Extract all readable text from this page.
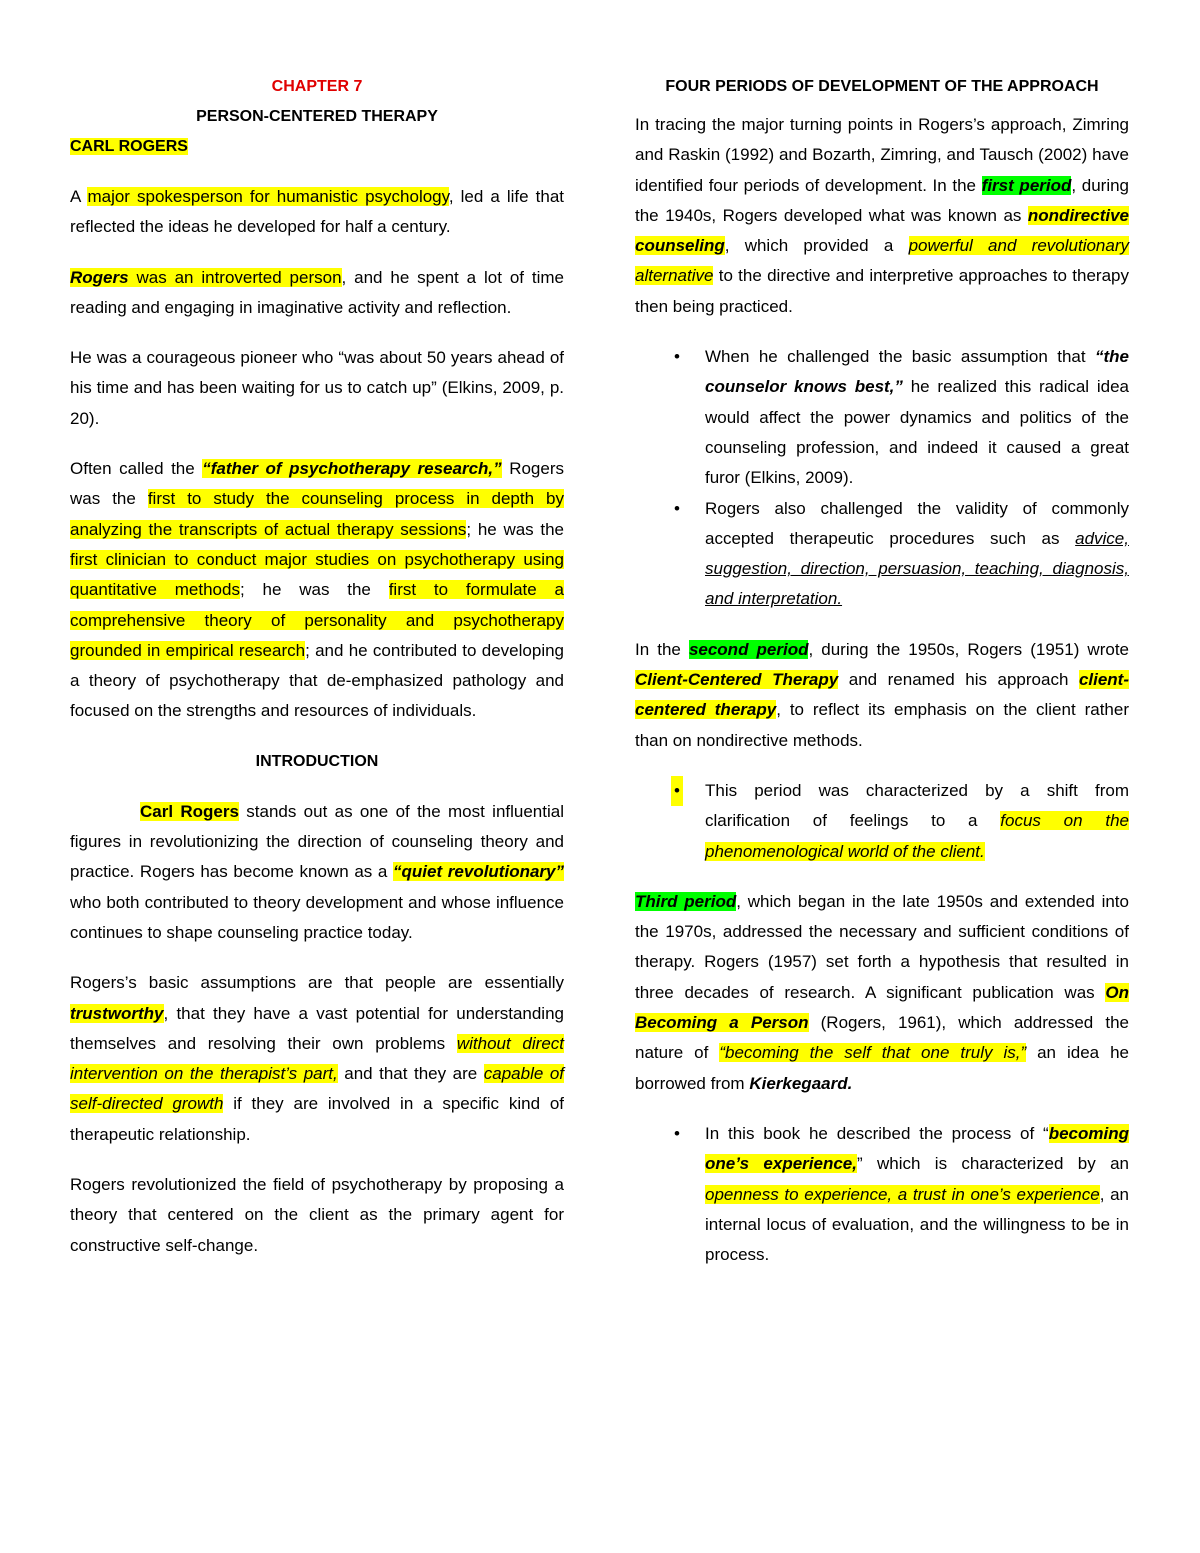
CHAPTER 7

PERSON-CENTERED THERAPY

CARL ROGERS

A major spokesperson for humanistic psychology, led a life that reflected the ideas he developed for half a century.

Rogers was an introverted person, and he spent a lot of time reading and engaging in imaginative activity and reflection.

He was a courageous pioneer who “was about 50 years ahead of his time and has been waiting for us to catch up” (Elkins, 2009, p. 20).

Often called the “father of psychotherapy research,” Rogers was the first to study the counseling process in depth by analyzing the transcripts of actual therapy sessions; he was the first clinician to conduct major studies on psychotherapy using quantitative methods; he was the first to formulate a comprehensive theory of personality and psychotherapy grounded in empirical research; and he contributed to developing a theory of psychotherapy that de-emphasized pathology and focused on the strengths and resources of individuals.

INTRODUCTION

Carl Rogers stands out as one of the most influential figures in revolutionizing the direction of counseling theory and practice. Rogers has become known as a “quiet revolutionary” who both contributed to theory development and whose influence continues to shape counseling practice today.

Rogers’s basic assumptions are that people are essentially trustworthy, that they have a vast potential for understanding themselves and resolving their own problems without direct intervention on the therapist’s part, and that they are capable of self-directed growth if they are involved in a specific kind of therapeutic relationship.

Rogers revolutionized the field of psychotherapy by proposing a theory that centered on the client as the primary agent for constructive self-change.

FOUR PERIODS OF DEVELOPMENT OF THE APPROACH

In tracing the major turning points in Rogers’s approach, Zimring and Raskin (1992) and Bozarth, Zimring, and Tausch (2002) have identified four periods of development. In the first period, during the 1940s, Rogers developed what was known as nondirective counseling, which provided a powerful and revolutionary alternative to the directive and interpretive approaches to therapy then being practiced.

• When he challenged the basic assumption that “the counselor knows best,” he realized this radical idea would affect the power dynamics and politics of the counseling profession, and indeed it caused a great furor (Elkins, 2009).
• Rogers also challenged the validity of commonly accepted therapeutic procedures such as advice, suggestion, direction, persuasion, teaching, diagnosis, and interpretation.

In the second period, during the 1950s, Rogers (1951) wrote Client-Centered Therapy and renamed his approach client-centered therapy, to reflect its emphasis on the client rather than on nondirective methods.

• This period was characterized by a shift from clarification of feelings to a focus on the phenomenological world of the client.

Third period, which began in the late 1950s and extended into the 1970s, addressed the necessary and sufficient conditions of therapy. Rogers (1957) set forth a hypothesis that resulted in three decades of research. A significant publication was On Becoming a Person (Rogers, 1961), which addressed the nature of “becoming the self that one truly is,” an idea he borrowed from Kierkegaard.

• In this book he described the process of “becoming one’s experience,” which is characterized by an openness to experience, a trust in one’s experience, an internal locus of evaluation, and the willingness to be in process.
